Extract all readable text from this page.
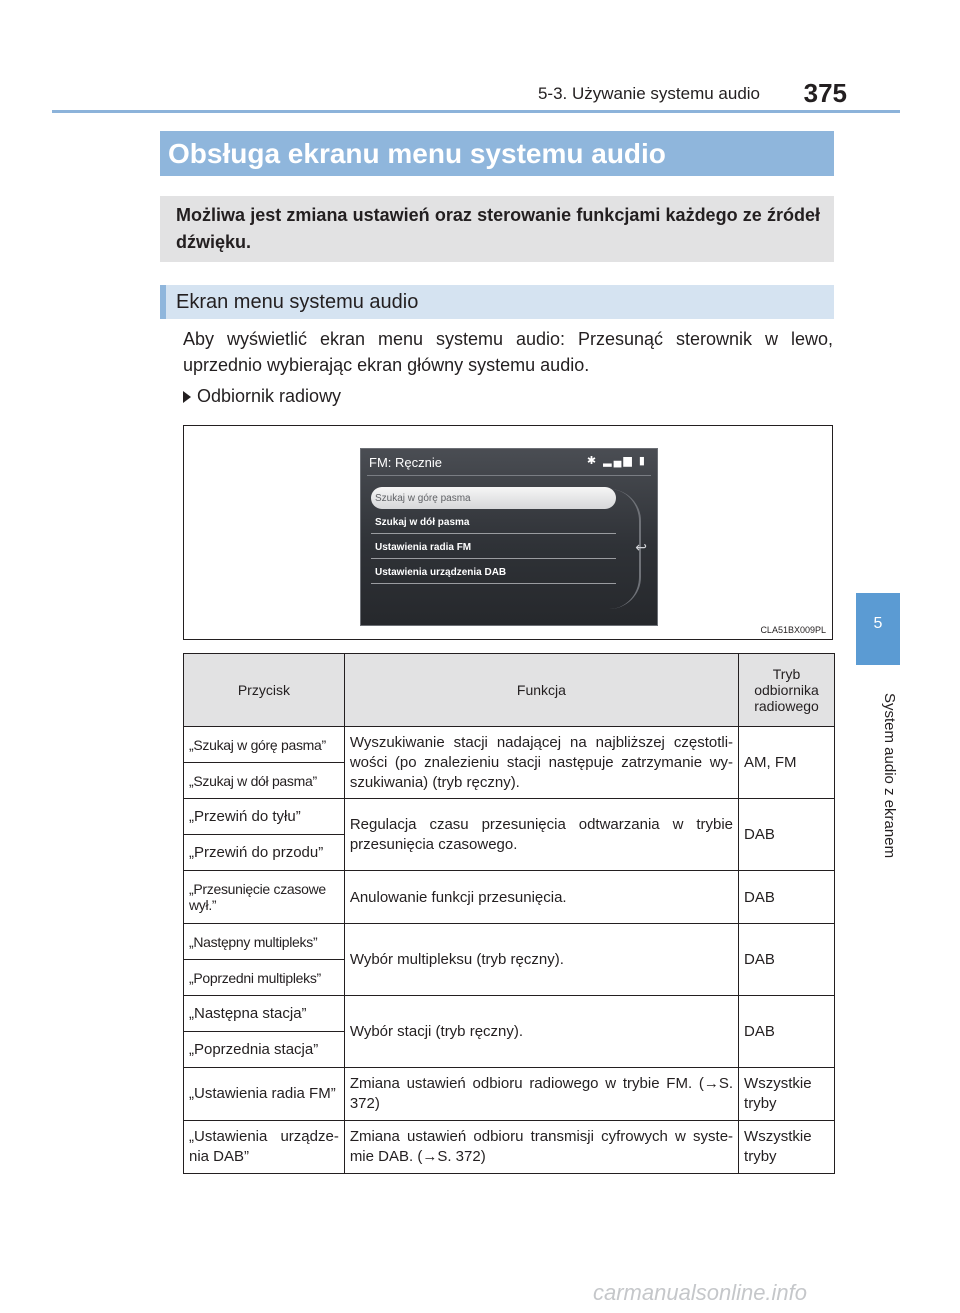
5-3. Używanie systemu audio 375
5
System audio z ekranem
Obsługa ekranu menu systemu audio
Możliwa jest zmiana ustawień oraz sterowanie funkcjami każdego ze źródeł dźwięku.
Ekran menu systemu audio
Aby wyświetlić ekran menu systemu audio: Przesunąć sterownik w lewo, uprzednio wybierając ekran główny systemu audio.
Odbiornik radiowy
FM: Ręcznie	✱ ▂▄▆ ▮
Szukaj w górę pasma
Szukaj w dół pasma
Ustawienia radia FM
Ustawienia urządzenia DAB
↩
CLA51BX009PL
Przycisk	Funkcja	Tryb odbiornika radiowego
„Szukaj w górę pasma”	Wyszukiwanie stacji nadającej na najbliższej częstotli-wości (po znalezieniu stacji następuje zatrzymanie wy-szukiwania) (tryb ręczny).	AM, FM
„Szukaj w dół pasma”		
„Przewiń do tyłu”	Regulacja czasu przesunięcia odtwarzania w trybie przesunięcia czasowego.	DAB
„Przewiń do przodu”		
„Przesunięcie czasowe wył.”	Anulowanie funkcji przesunięcia.	DAB
„Następny multipleks”	Wybór multipleksu (tryb ręczny).	DAB
„Poprzedni multipleks”		
„Następna stacja”	Wybór stacji (tryb ręczny).	DAB
„Poprzednia stacja”		
„Ustawienia radia FM”	Zmiana ustawień odbioru radiowego w trybie FM. (→S. 372)	Wszystkie tryby
„Ustawienia urządze-nia DAB”	Zmiana ustawień odbioru transmisji cyfrowych w syste-mie DAB. (→S. 372)	Wszystkie tryby
carmanualsonline.info
